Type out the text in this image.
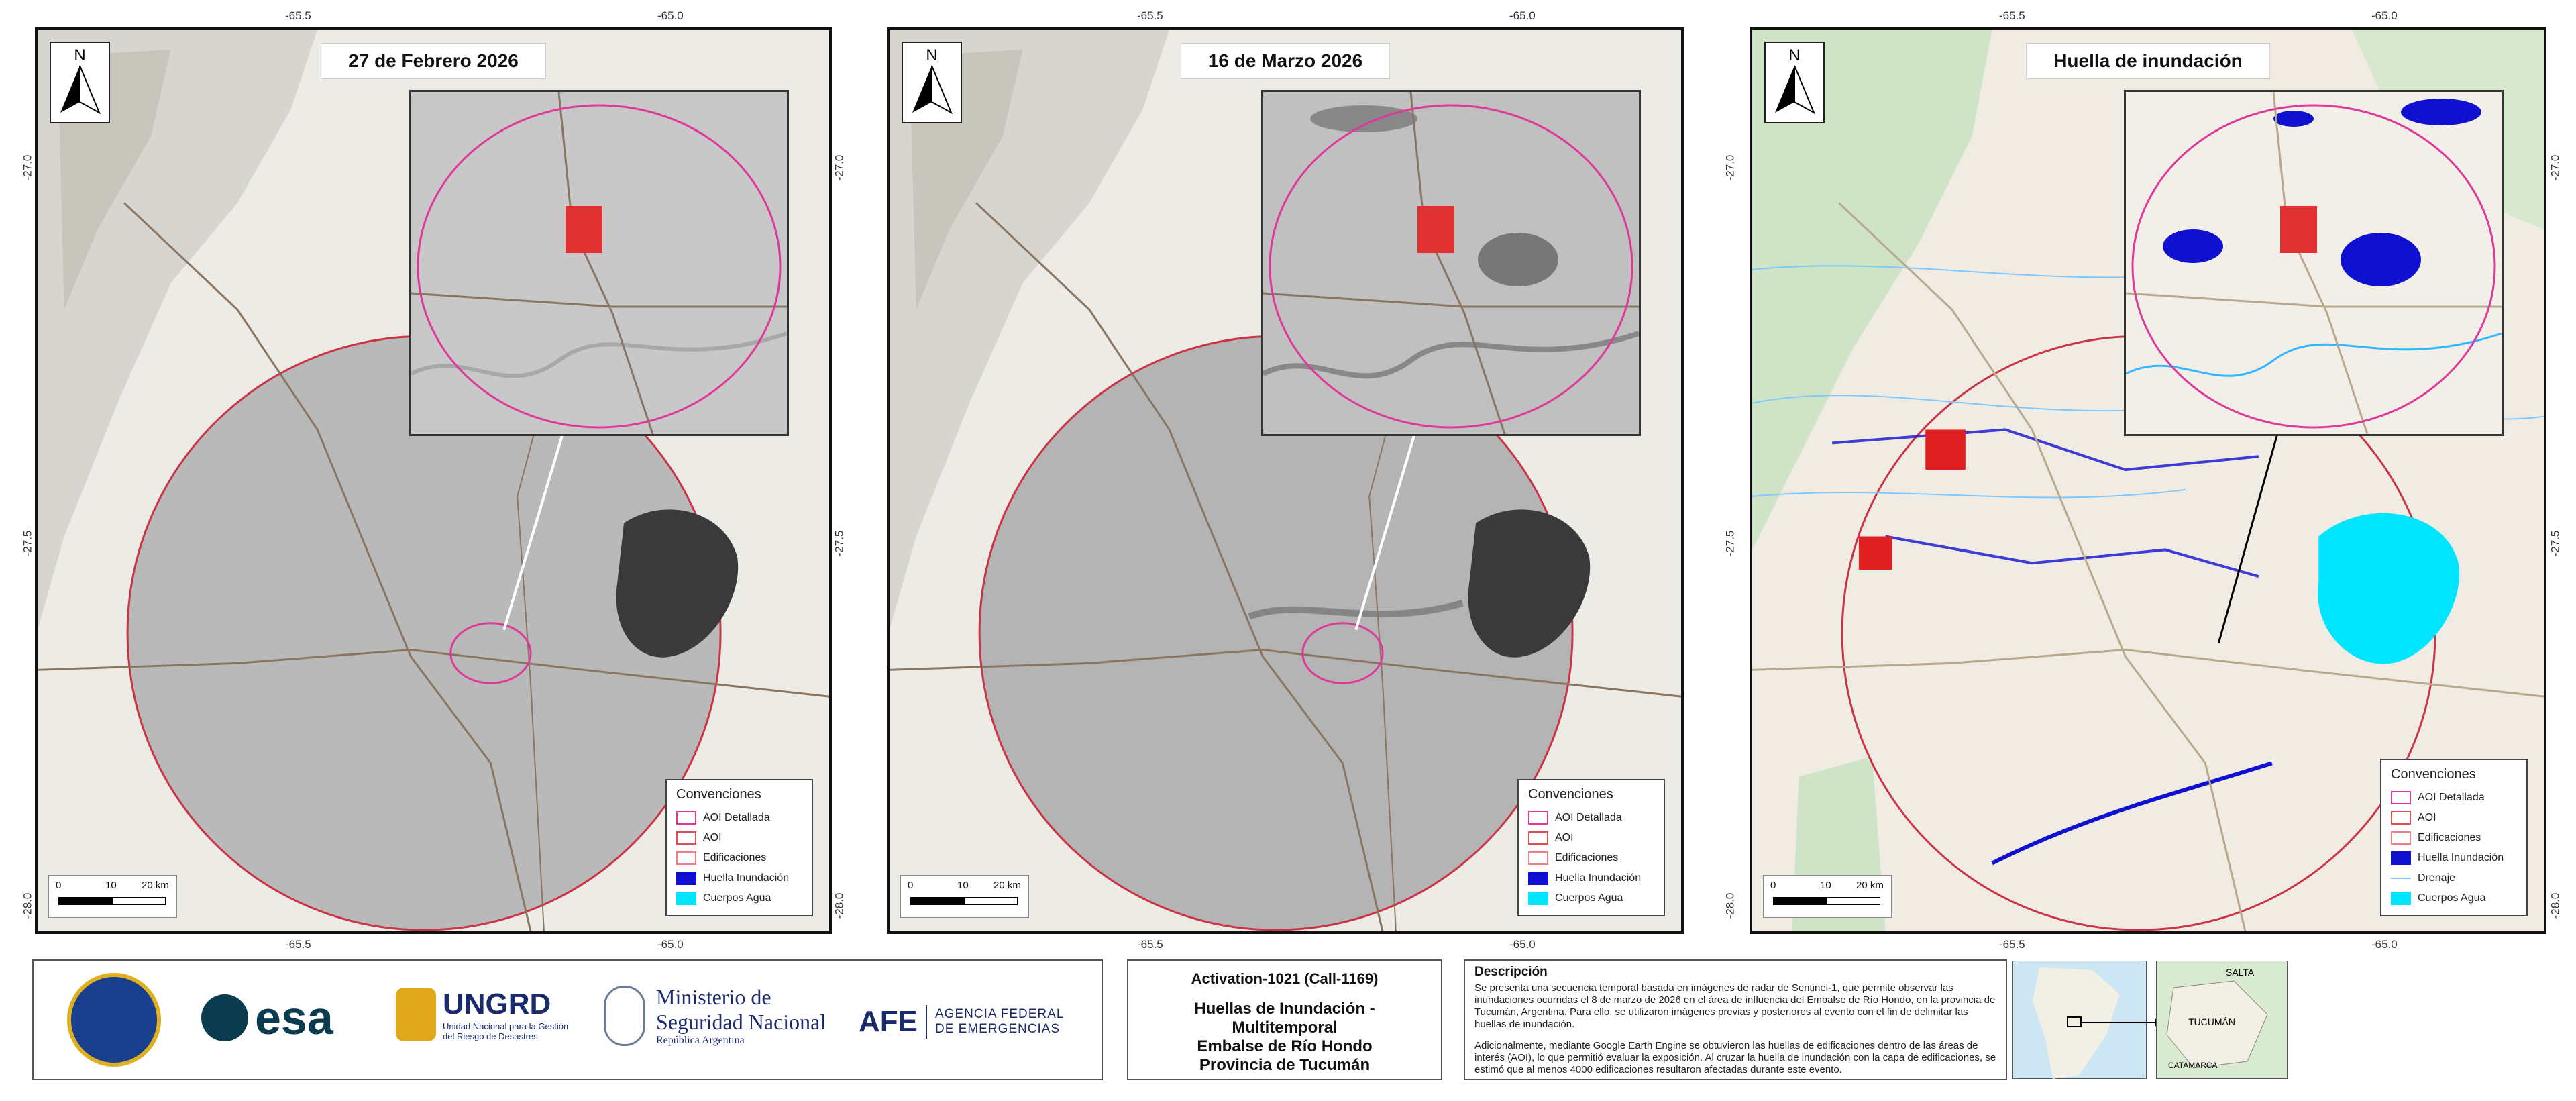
27 de Febrero 2026
N
0	10 20 km
Convenciones
AOI Detallada
AOI
Edificaciones
Huella Inundación
Cuerpos Agua
-65.5	-65.0
-65.5	-65.0
-27.0
-27.5
-28.0
16 de Marzo 2026
N
0	10 20 km
Convenciones
AOI Detallada
AOI
Edificaciones
Huella Inundación
Cuerpos Agua
-65.5	-65.0
-65.5	-65.0
-27.0
-27.5
-28.0
Huella de inundación
N
0	10 20 km
Convenciones
AOI Detallada
AOI
Edificaciones
Huella Inundación
Drenaje
Cuerpos Agua
-65.5	-65.0
-65.5	-65.0
-27.0
-27.5
-28.0
-27.0
-27.5
-28.0
esa	UNGRD
Unidad Nacional para la Gestión
del Riesgo de Desastres
Ministerio de
Seguridad Nacional
República Argentina
AFE	AGENCIA FEDERAL
DE EMERGENCIAS
Activation-1021 (Call-1169)
Huellas de Inundación -
Multitemporal
Embalse de Río Hondo
Provincia de Tucumán
Descripción

Se presenta una secuencia temporal basada en imágenes de radar de Sentinel-1, que permite observar las inundaciones ocurridas el 8 de marzo de 2026 en el área de influencia del Embalse de Río Hondo, en la provincia de Tucumán, Argentina. Para ello, se utilizaron imágenes previas y posteriores al evento con el fin de delimitar las huellas de inundación.

Adicionalmente, mediante Google Earth Engine se obtuvieron las huellas de edificaciones dentro de las áreas de interés (AOI), lo que permitió evaluar la exposición. Al cruzar la huella de inundación con la capa de edificaciones, se estimó que al menos 4000 edificaciones resultaron afectadas durante este evento.

SALTA
TUCUMÁN
CATAMARCA
